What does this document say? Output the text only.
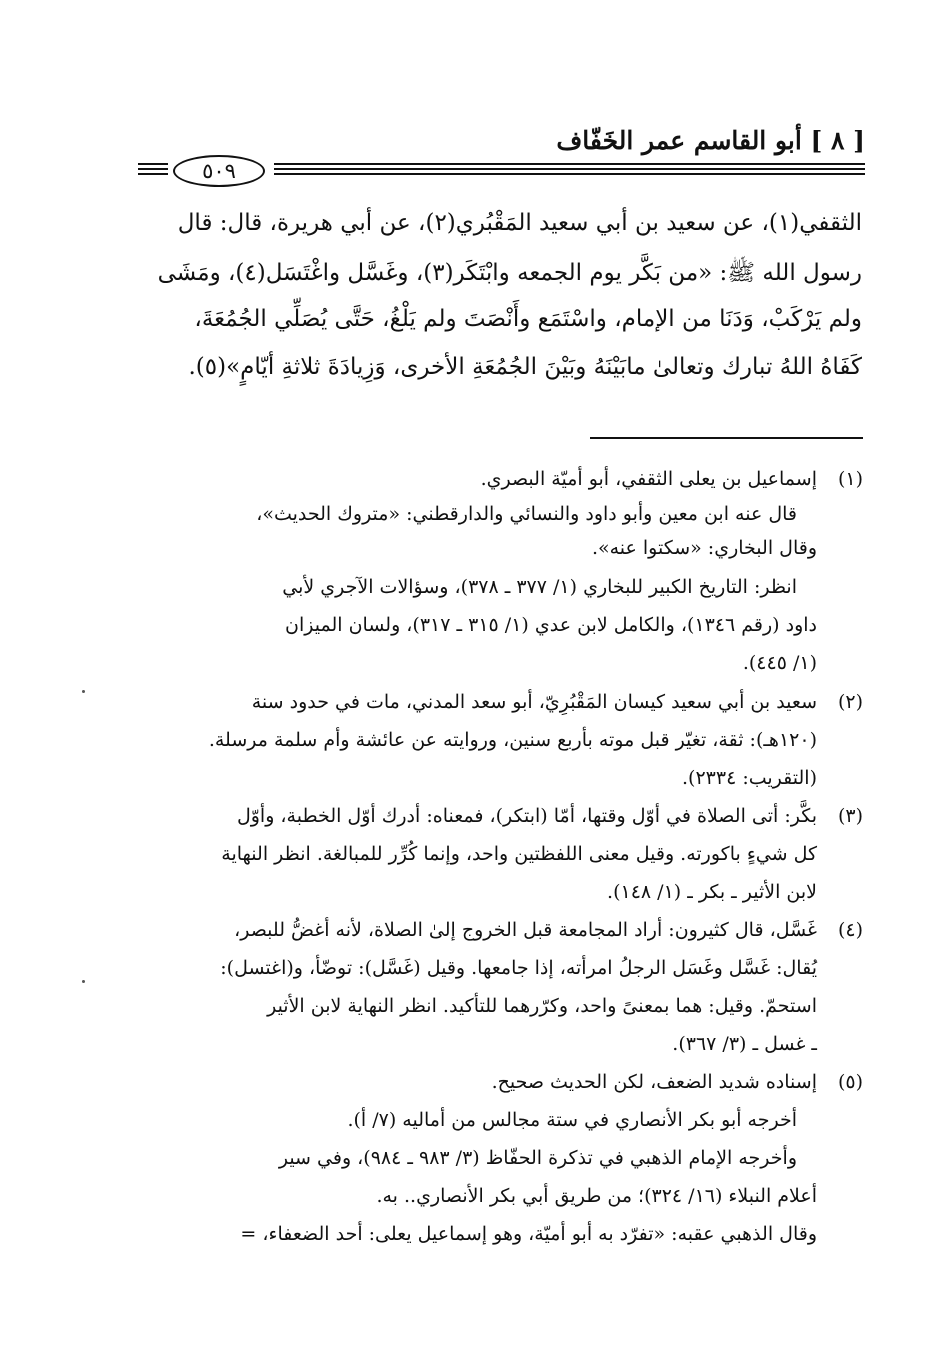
[ ٨ ] أبو القاسم عمر الخَفّاف
٥٠٩
الثقفي(١)، عن سعيد بن أبي سعيد المَقْبُري(٢)، عن أبي هريرة، قال: قال
رسول الله ﷺ: «من بَكَّر يوم الجمعه وابْتَكَر(٣)، وغَسَّل واغْتَسَل(٤)، ومَشَى
ولم يَرْكَبْ، وَدَنَا من الإمام، واسْتَمَع وأَنْصَتَ ولم يَلْغُ، حَتَّى يُصَلِّي الجُمُعَةَ،
كَفَاهُ اللهُ تبارك وتعالىٰ مابَيْنَهُ وبَيْنَ الجُمُعَةِ الأخرى، وَزِيادَةَ ثلاثةِ أيّامٍ»(٥).
(١)
إسماعيل بن يعلى الثقفي، أبو أميّة البصري.
قال عنه ابن معين وأبو داود والنسائي والدارقطني: «متروك الحديث»،
وقال البخاري: «سكتوا عنه».
انظر: التاريخ الكبير للبخاري (١/ ٣٧٧ ـ ٣٧٨)، وسؤالات الآجري لأبي
داود (رقم ١٣٤٦)، والكامل لابن عدي (١/ ٣١٥ ـ ٣١٧)، ولسان الميزان
(١/ ٤٤٥).
(٢)
سعيد بن أبي سعيد كيسان المَقْبُرِيّ، أبو سعد المدني، مات في حدود سنة
(١٢٠هـ): ثقة، تغيّر قبل موته بأربع سنين، وروايته عن عائشة وأم سلمة مرسلة.
(التقريب: ٢٣٣٤).
(٣)
بكَّر: أتى الصلاة في أوّل وقتها، أمّا (ابتكر)، فمعناه: أدرك أوّل الخطبة، وأوّل
كل شيءٍ باكورته. وقيل معنى اللفظتين واحد، وإنما كُرِّر للمبالغة. انظر النهاية
لابن الأثير ـ بكر ـ (١/ ١٤٨).
(٤)
غَسَّل، قال كثيرون: أراد المجامعة قبل الخروج إلىٰ الصلاة، لأنه أغضُّ للبصر،
يُقال: غَسَّل وغَسَل الرجلُ امرأته، إذا جامعها. وقيل (غَسَّل): توضّأ، و(اغتسل):
استحمّ. وقيل: هما بمعنىً واحد، وكرّرهما للتأكيد. انظر النهاية لابن الأثير
ـ غسل ـ (٣/ ٣٦٧).
(٥)
إسناده شديد الضعف، لكن الحديث صحيح.
أخرجه أبو بكر الأنصاري في ستة مجالس من أماليه (٧/ أ).
وأخرجه الإمام الذهبي في تذكرة الحفّاظ (٣/ ٩٨٣ ـ ٩٨٤)، وفي سير
أعلام النبلاء (١٦/ ٣٢٤)؛ من طريق أبي بكر الأنصاري.. به.
وقال الذهبي عقبه: «تفرّد به أبو أميّة، وهو إسماعيل يعلى: أحد الضعفاء، =
